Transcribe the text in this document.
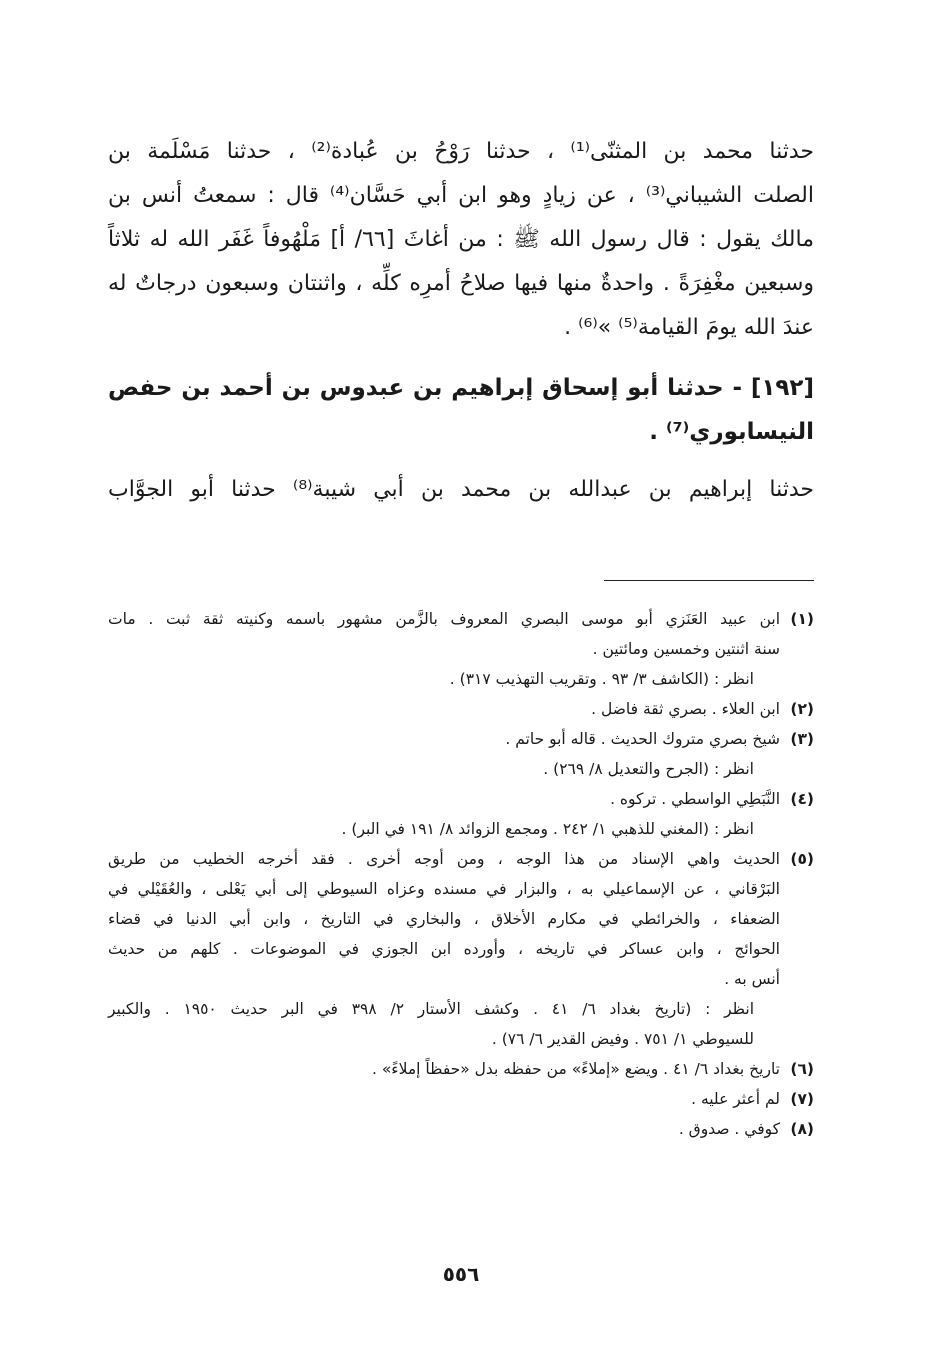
حدثنا محمد بن المثنّى⁽¹⁾ ، حدثنا رَوْحُ بن عُبادة⁽²⁾ ، حدثنا مَسْلَمة بن
الصلت الشيباني⁽³⁾ ، عن زيادٍ وهو ابن أبي حَسَّان⁽⁴⁾ قال : سمعتُ أنس بن
مالك يقول : قال رسول الله ﷺ : من أغاثَ [٦٦/ أ] مَلْهُوفاً غَفَر الله له ثلاثاً
وسبعين مغْفِرَةً . واحدةٌ منها فيها صلاحُ أمرِه كلِّه ، واثنتان وسبعون درجاتٌ له
عندَ الله يومَ القيامة⁽⁵⁾ »⁽⁶⁾ .

[١٩٢] - حدثنا أبو إسحاق إبراهيم بن عبدوس بن أحمد بن حفص
النيسابوري⁽⁷⁾ .

حدثنا إبراهيم بن عبدالله بن محمد بن أبي شيبة⁽⁸⁾ حدثنا أبو الجوَّاب

(١)
ابن عبيد العَنَزي أبو موسى البصري المعروف بالزَّمن مشهور باسمه وكنيته ثقة ثبت . مات
سنة اثنتين وخمسين ومائتين .
انظر : (الكاشف ٣/ ٩٣ . وتقريب التهذيب ٣١٧) .
(٢)
ابن العلاء . بصري ثقة فاضل .
(٣)
شيخ بصري متروك الحديث . قاله أبو حاتم .
انظر : (الجرح والتعديل ٨/ ٢٦٩) .
(٤)
النَّبَطِي الواسطي . تركوه .
انظر : (المغني للذهبي ١/ ٢٤٢ . ومجمع الزوائد ٨/ ١٩١ في البر) .
(٥)
الحديث واهي الإسناد من هذا الوجه ، ومن أوجه أخرى . فقد أخرجه الخطيب من طريق
البَرْقاني ، عن الإسماعيلي به ، والبزار في مسنده وعزاه السيوطي إلى أبي يَعْلى ، والعُقَيْلي في
الضعفاء ، والخرائطي في مكارم الأخلاق ، والبخاري في التاريخ ، وابن أبي الدنيا في قضاء
الحوائج ، وابن عساكر في تاريخه ، وأورده ابن الجوزي في الموضوعات . كلهم من حديث
أنس به .
انظر : (تاريخ بغداد ٦/ ٤١ . وكشف الأستار ٢/ ٣٩٨ في البر حديث ١٩٥٠ . والكبير
للسيوطي ١/ ٧٥١ . وفيض القدير ٦/ ٧٦) .
(٦)
تاريخ بغداد ٦/ ٤١ . ويضع «إملاءً» من حفظه بدل «حفظاً إملاءً» .
(٧)
لم أعثر عليه .
(٨)
كوفي . صدوق .
٥٥٦
